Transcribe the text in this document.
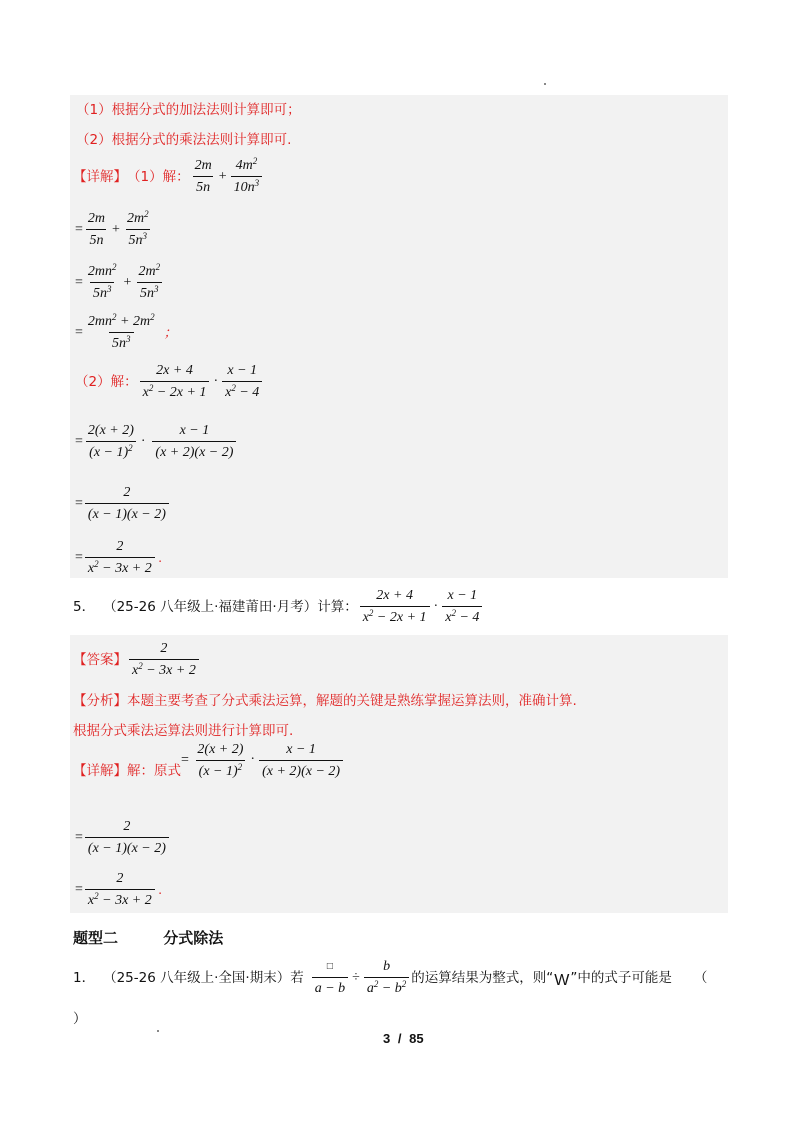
（1）根据分式的加法法则计算即可；
（2）根据分式的乘法法则计算即可.
【详解】 （1）解： $\frac{2m}{5n} + \frac{4m^2}{10n^3}$
= $\frac{2m}{5n} + \frac{2m^2}{5n^3}$
= $\frac{2mn^2}{5n^3} + \frac{2m^2}{5n^3}$
= $\frac{2mn^2 + 2m^2}{5n^3}$ ；
（2）解： $\frac{2x + 4}{x^2 - 2x + 1} \cdot \frac{x - 1}{x^2 - 4}$
= $\frac{2(x + 2)}{(x - 1)^2} \cdot \frac{x - 1}{(x + 2)(x - 2)}$
= $\frac{2}{(x - 1)(x - 2)}$
= $\frac{2}{x^2 - 3x + 2}$ .
5． （25-26 八年级上·福建莆田·月考）计算： $\frac{2x + 4}{x^2 - 2x + 1} \cdot \frac{x - 1}{x^2 - 4}$
【答案】 $\frac{2}{x^2 - 3x + 2}$
【分析】本题主要考查了分式乘法运算，解题的关键是熟练掌握运算法则，准确计算.
根据分式乘法运算法则进行计算即可.
【详解】 解：原式
= $\frac{2(x + 2)}{(x - 1)^2} \cdot \frac{x - 1}{(x + 2)(x - 2)}$
= $\frac{2}{(x - 1)(x - 2)}$
= $\frac{2}{x^2 - 3x + 2}$ .
题型二	分式除法
1． （25-26 八年级上·全国·期末）若 $\frac{□}{a - b} \div \frac{b}{a^2 - b^2}$ 的运算结果为整式，则“ W ”中的式子可能是 （
）
3 / 85
